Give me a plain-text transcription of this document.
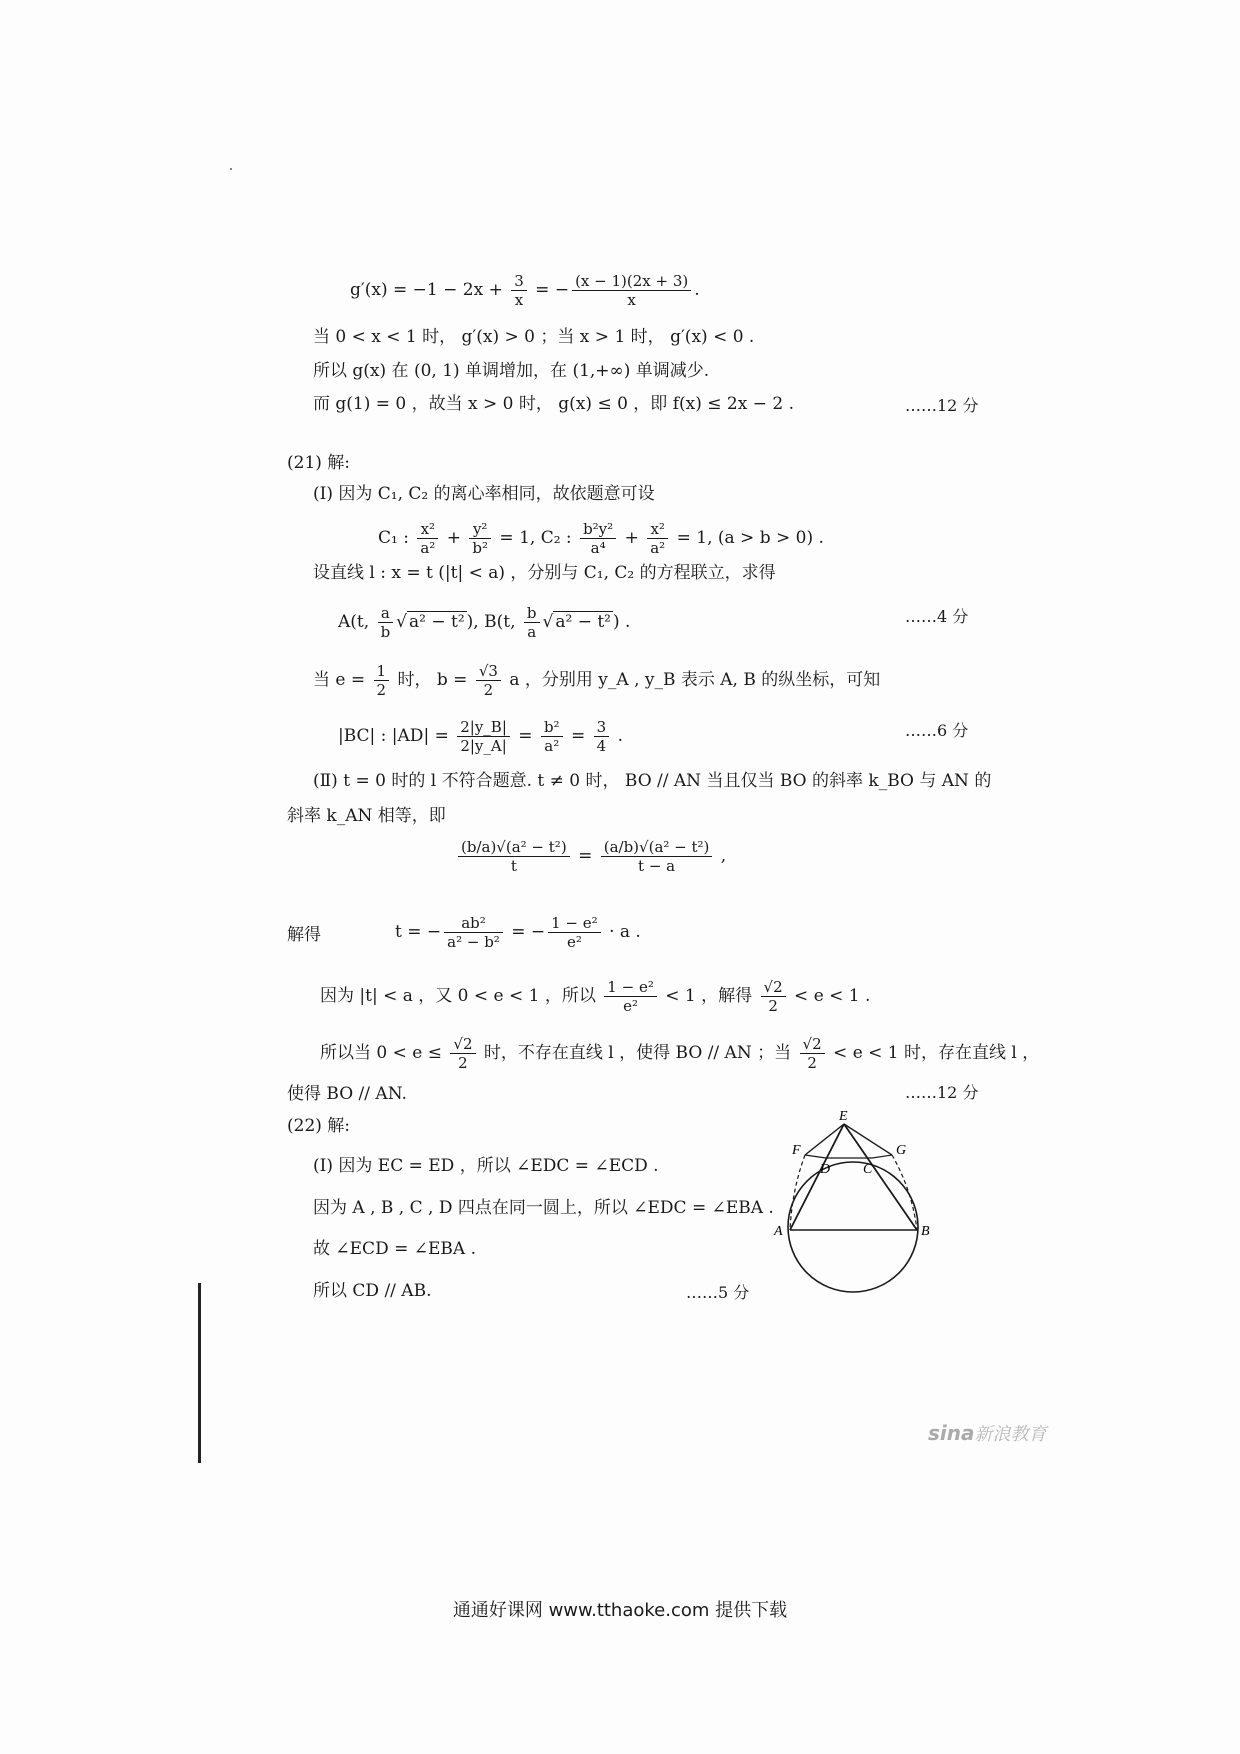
$g'(x) = -1 - 2x + \frac{3}{x}$ = − $\frac{(x - 1)(2x + 3)}{x}$ .
当 0 < x < 1 时， g′(x) > 0 ；当 x > 1 时， g′(x) < 0 .
所以 g(x) 在 (0, 1) 单调增加，在 (1,+∞) 单调减少.
而 g(1) = 0 ，故当 x > 0 时， g(x) ≤ 0 ，即 f(x) ≤ 2x − 2 .	……12 分
(21) 解:
(Ⅰ) 因为 C₁, C₂ 的离心率相同，故依题意可设
C₁ : $\frac{\text{x²}}{\text{a²}} + \frac{\text{y²}}{\text{b²}} = 1$, C₂ : $\frac{\text{b²y²}}{\text{a⁴}} + \frac{\text{x²}}{\text{a²}} = 1$, (a > b > 0) .
设直线 l : x = t (|t| < a) ，分别与 C₁, C₂ 的方程联立，求得
A(t, $\frac{a}{b}$ √ a² − t² ), B(t, $\frac{b}{a}$ √ a² − t² ) .	……4 分
当 $e = \frac{1}{2}$ 时， $b = \frac{√3}{2}$ a ，分别用 y_A , y_B 表示 A, B 的纵坐标，可知
|BC| : $|AD| = \frac{2|y\_B|}{2|y\_A|} = \frac{\text{b²}}{\text{a²}} = \frac{3}{4}$ .	……6 分
(Ⅱ) t = 0 时的 l 不符合题意. t ≠ 0 时， BO // AN 当且仅当 BO 的斜率 k_BO 与 AN 的
斜率 k_AN 相等，即
$\frac{\text{(b/a)√(a² − t²)}}{t} = \frac{\text{(a/b)√(a² − t²)}}{t - a}$ ,
解得	t = − $\frac{\text{ab²}}{\text{a² − b²}}$ = − $\frac{\text{1 − e²}}{\text{e²}} \cdot a$ .
因为 |t| < a ，又 0 < e < 1 ，所以 $\frac{\text{1 − e²}}{\text{e²}} < 1$ ，解得 $\frac{√2}{2} < e < 1$ .
所以当 $0 < e \le \frac{√2}{2}$ 时，不存在直线 l ，使得 BO // AN ；当 $\frac{√2}{2} < e < 1$ 时，存在直线 l ，
使得 BO // AN.	……12 分
(22) 解:
(Ⅰ) 因为 EC = ED ，所以 ∠EDC = ∠ECD .
因为 A , B , C , D 四点在同一圆上，所以 ∠EDC = ∠EBA .
故 ∠ECD = ∠EBA .
所以 CD // AB.	……5 分
E
F
D C
G
A	B
sina新浪教育
通通好课网 www.tthaoke.com 提供下载
